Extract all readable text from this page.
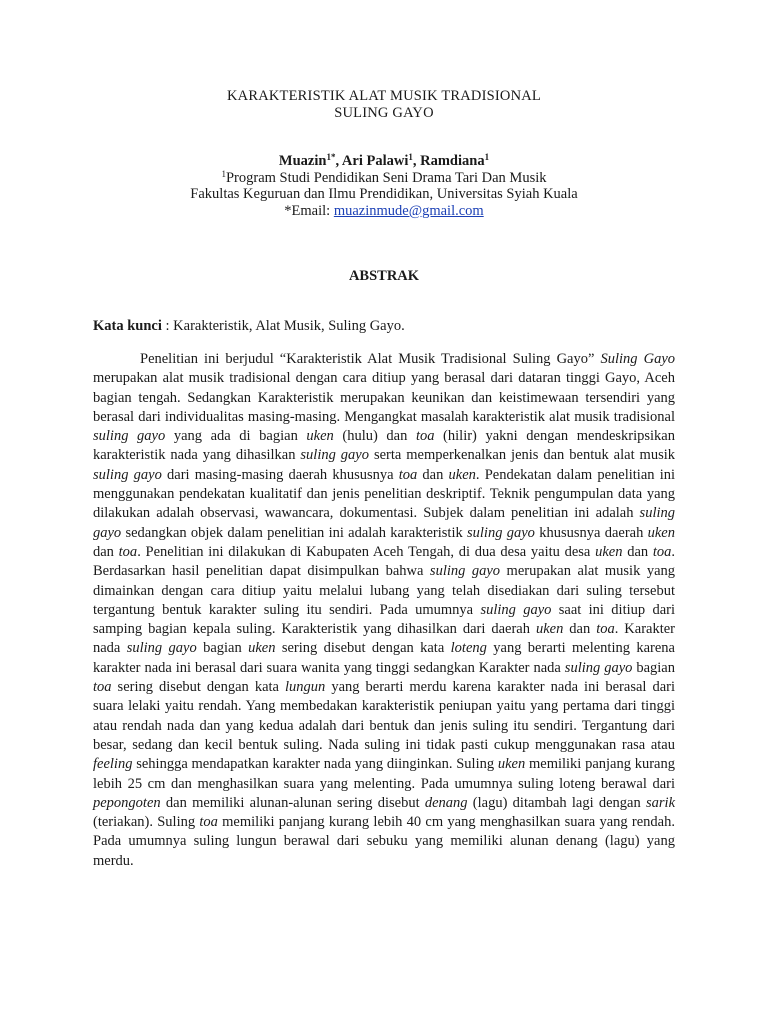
KARAKTERISTIK ALAT MUSIK TRADISIONAL
SULING GAYO
Muazin$^{1*}$, Ari Palawi$^1$, Ramdiana$^1$
$^1$Program Studi Pendidikan Seni Drama Tari Dan Musik
Fakultas Keguruan dan Ilmu Prendidikan, Universitas Syiah Kuala
*Email: muazinmude@gmail.com
ABSTRAK
Kata kunci : Karakteristik, Alat Musik, Suling Gayo.
Penelitian ini berjudul “Karakteristik Alat Musik Tradisional Suling Gayo” Suling Gayo merupakan alat musik tradisional dengan cara ditiup yang berasal dari dataran tinggi Gayo, Aceh bagian tengah. Sedangkan Karakteristik merupakan keunikan dan keistimewaan tersendiri yang berasal dari individualitas masing-masing. Mengangkat masalah karakteristik alat musik tradisional suling gayo yang ada di bagian uken (hulu) dan toa (hilir) yakni dengan mendeskripsikan karakteristik nada yang dihasilkan suling gayo serta memperkenalkan jenis dan bentuk alat musik suling gayo dari masing-masing daerah khususnya toa dan uken. Pendekatan dalam penelitian ini menggunakan pendekatan kualitatif dan jenis penelitian deskriptif. Teknik pengumpulan data yang dilakukan adalah observasi, wawancara, dokumentasi. Subjek dalam penelitian ini adalah suling gayo sedangkan objek dalam penelitian ini adalah karakteristik suling gayo khususnya daerah uken dan toa. Penelitian ini dilakukan di Kabupaten Aceh Tengah, di dua desa yaitu desa uken dan toa. Berdasarkan hasil penelitian dapat disimpulkan bahwa suling gayo merupakan alat musik yang dimainkan dengan cara ditiup yaitu melalui lubang yang telah disediakan dari suling tersebut tergantung bentuk karakter suling itu sendiri. Pada umumnya suling gayo saat ini ditiup dari samping bagian kepala suling. Karakteristik yang dihasilkan dari daerah uken dan toa. Karakter nada suling gayo bagian uken sering disebut dengan kata loteng yang berarti melenting karena karakter nada ini berasal dari suara wanita yang tinggi sedangkan Karakter nada suling gayo bagian toa sering disebut dengan kata lungun yang berarti merdu karena karakter nada ini berasal dari suara lelaki yaitu rendah. Yang membedakan karakteristik peniupan yaitu yang pertama dari tinggi atau rendah nada dan yang kedua adalah dari bentuk dan jenis suling itu sendiri. Tergantung dari besar, sedang dan kecil bentuk suling. Nada suling ini tidak pasti cukup menggunakan rasa atau feeling sehingga mendapatkan karakter nada yang diinginkan. Suling uken memiliki panjang kurang lebih 25 cm dan menghasilkan suara yang melenting. Pada umumnya suling loteng berawal dari pepongoten dan memiliki alunan-alunan sering disebut denang (lagu) ditambah lagi dengan sarik (teriakan). Suling toa memiliki panjang kurang lebih 40 cm yang menghasilkan suara yang rendah. Pada umumnya suling lungun berawal dari sebuku yang memiliki alunan denang (lagu) yang merdu.
